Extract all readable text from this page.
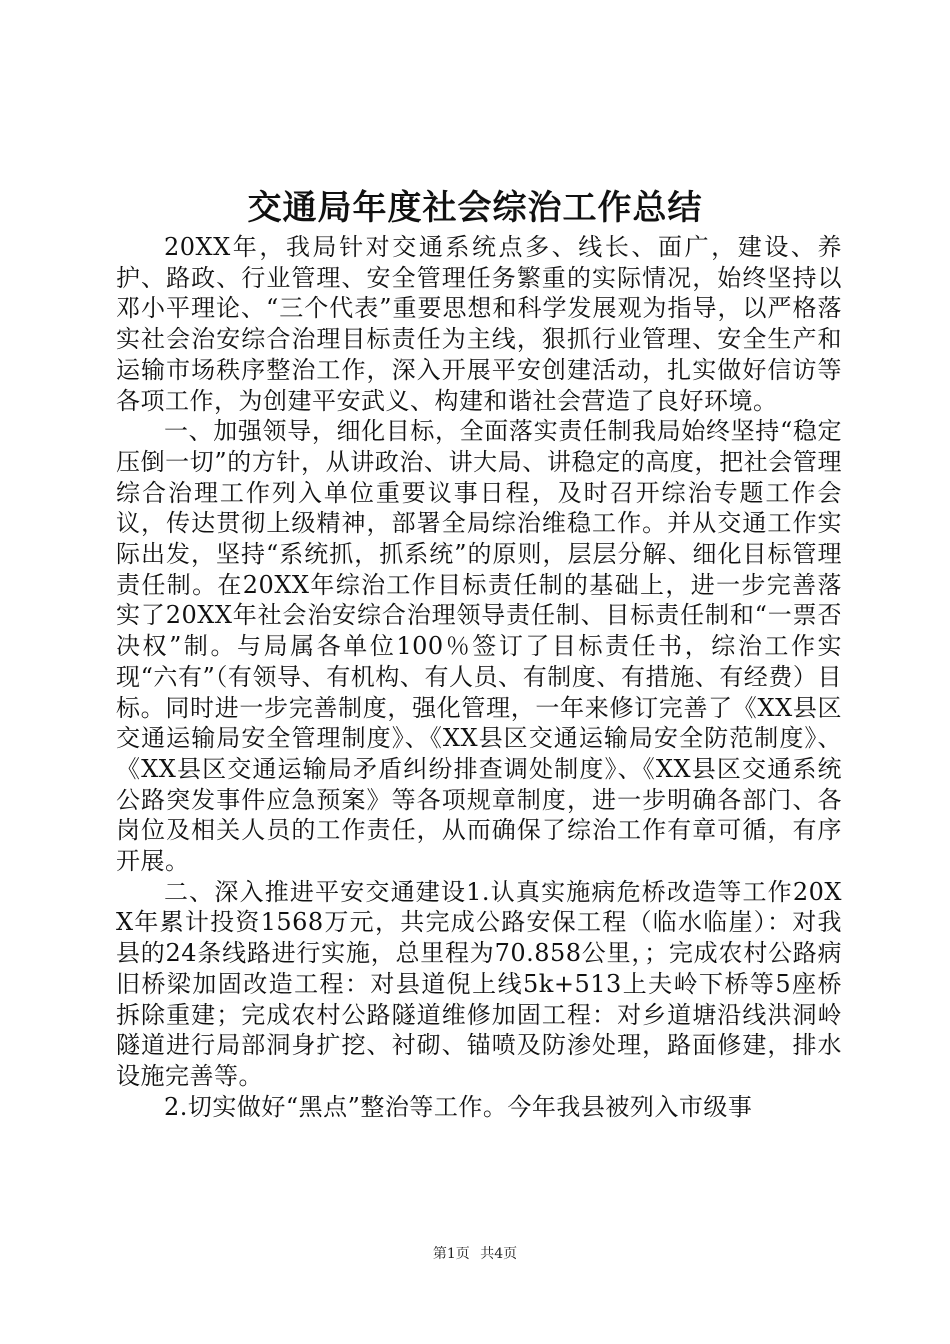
交通局年度社会综治工作总结

20XX年，我局针对交通系统点多、线长、面广，建设、养护、路政、行业管理、安全管理任务繁重的实际情况，始终坚持以邓小平理论、“三个代表”重要思想和科学发展观为指导，以严格落实社会治安综合治理目标责任为主线，狠抓行业管理、安全生产和运输市场秩序整治工作，深入开展平安创建活动，扎实做好信访等各项工作，为创建平安武义、构建和谐社会营造了良好环境。

一、加强领导，细化目标，全面落实责任制我局始终坚持“稳定压倒一切”的方针，从讲政治、讲大局、讲稳定的高度，把社会管理综合治理工作列入单位重要议事日程，及时召开综治专题工作会议，传达贯彻上级精神，部署全局综治维稳工作。并从交通工作实际出发，坚持“系统抓，抓系统”的原则，层层分解、细化目标管理责任制。在20XX年综治工作目标责任制的基础上，进一步完善落实了20XX年社会治安综合治理领导责任制、目标责任制和“一票否决权”制。与局属各单位100％签订了目标责任书，综治工作实现“六有”（有领导、有机构、有人员、有制度、有措施、有经费）目标。同时进一步完善制度，强化管理，一年来修订完善了《XX县区交通运输局安全管理制度》、《XX县区交通运输局安全防范制度》、《XX县区交通运输局矛盾纠纷排查调处制度》、《XX县区交通系统公路突发事件应急预案》等各项规章制度，进一步明确各部门、各岗位及相关人员的工作责任，从而确保了综治工作有章可循，有序开展。

二、深入推进平安交通建设1.认真实施病危桥改造等工作20XX年累计投资1568万元，共完成公路安保工程（临水临崖）：对我县的24条线路进行实施，总里程为70.858公里，；完成农村公路病旧桥梁加固改造工程：对县道倪上线5k+513上夫岭下桥等5座桥拆除重建；完成农村公路隧道维修加固工程：对乡道塘沿线洪洞岭隧道进行局部洞身扩挖、衬砌、锚喷及防渗处理，路面修建，排水设施完善等。

2.切实做好“黑点”整治等工作。今年我县被列入市级事

第1页 共4页
